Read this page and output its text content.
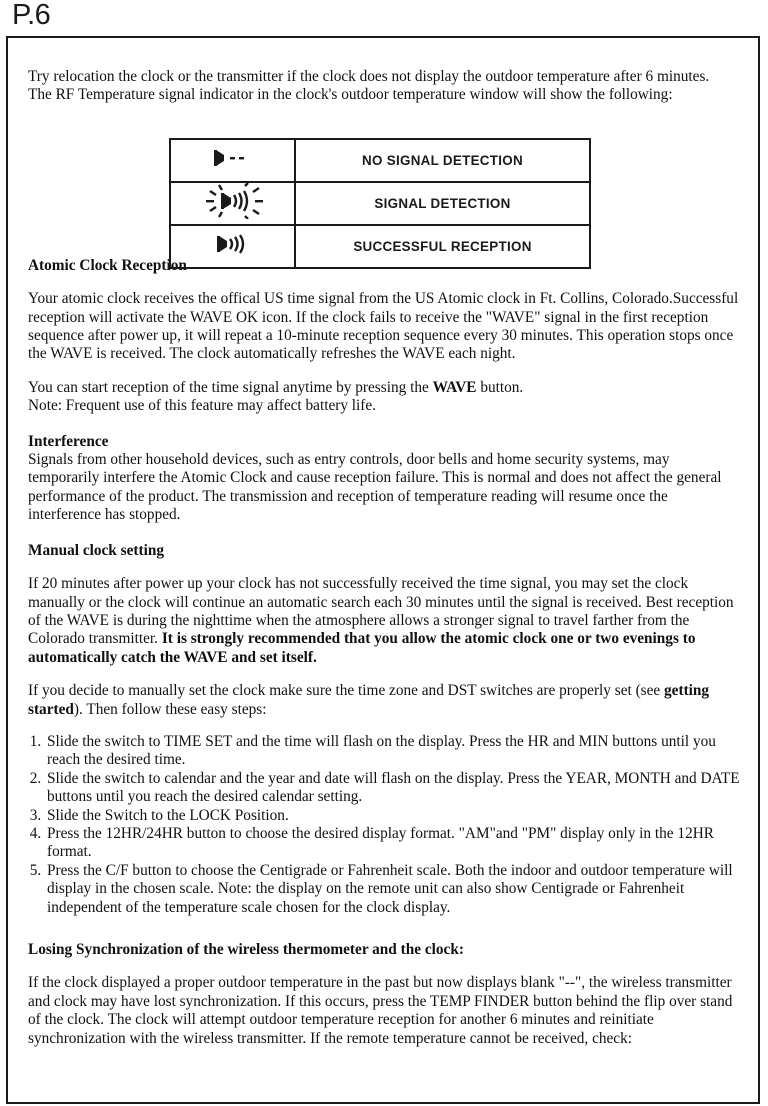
P.6

Try relocation the clock or the transmitter if the clock does not display the outdoor temperature after 6 minutes.

The RF Temperature signal indicator in the clock's outdoor temperature window will show the following:

Atomic Clock Reception

Your atomic clock receives the offical US time signal from the US Atomic clock in Ft. Collins, Colorado.Successful reception will activate the WAVE OK icon. If the clock fails to receive the "WAVE" signal in the first reception sequence after power up, it will repeat a 10-minute reception sequence every 30 minutes. This operation stops once the WAVE is received. The clock automatically refreshes the WAVE each night.

You can start reception of the time signal anytime by pressing the WAVE button.

Note: Frequent use of this feature may affect battery life.

Interference

Signals from other household devices, such as entry controls, door bells and home security systems, may temporarily interfere the Atomic Clock and cause reception failure. This is normal and does not affect the general performance of the product. The transmission and reception of temperature reading will resume once the interference has stopped.

Manual clock setting

If 20 minutes after power up your clock has not successfully received the time signal, you may set the clock manually or the clock will continue an automatic search each 30 minutes until the signal is received. Best reception of the WAVE is during the nighttime when the atmosphere allows a stronger signal to travel farther from the Colorado transmitter. It is strongly recommended that you allow the atomic clock one or two evenings to automatically catch the WAVE and set itself.

If you decide to manually set the clock make sure the time zone and DST switches are properly set (see getting started). Then follow these easy steps:

1. Slide the switch to TIME SET and the time will flash on the display. Press the HR and MIN buttons until you reach the desired time.
2. Slide the switch to calendar and the year and date will flash on the display. Press the YEAR, MONTH and DATE buttons until you reach the desired calendar setting.
3. Slide the Switch to the LOCK Position.
4. Press the 12HR/24HR button to choose the desired display format. "AM"and "PM" display only in the 12HR format.
5. Press the C/F button to choose the Centigrade or Fahrenheit scale. Both the indoor and outdoor temperature will display in the chosen scale. Note: the display on the remote unit can also show Centigrade or Fahrenheit independent of the temperature scale chosen for the clock display.
Losing Synchronization of the wireless thermometer and the clock:

If the clock displayed a proper outdoor temperature in the past but now displays blank "--", the wireless transmitter and clock may have lost synchronization. If this occurs, press the TEMP FINDER button behind the flip over stand of the clock. The clock will attempt outdoor temperature reception for another 6 minutes and reinitiate synchronization with the wireless transmitter. If the remote temperature cannot be received, check:

	NO SIGNAL DETECTION
	SIGNAL DETECTION
	SUCCESSFUL RECEPTION
